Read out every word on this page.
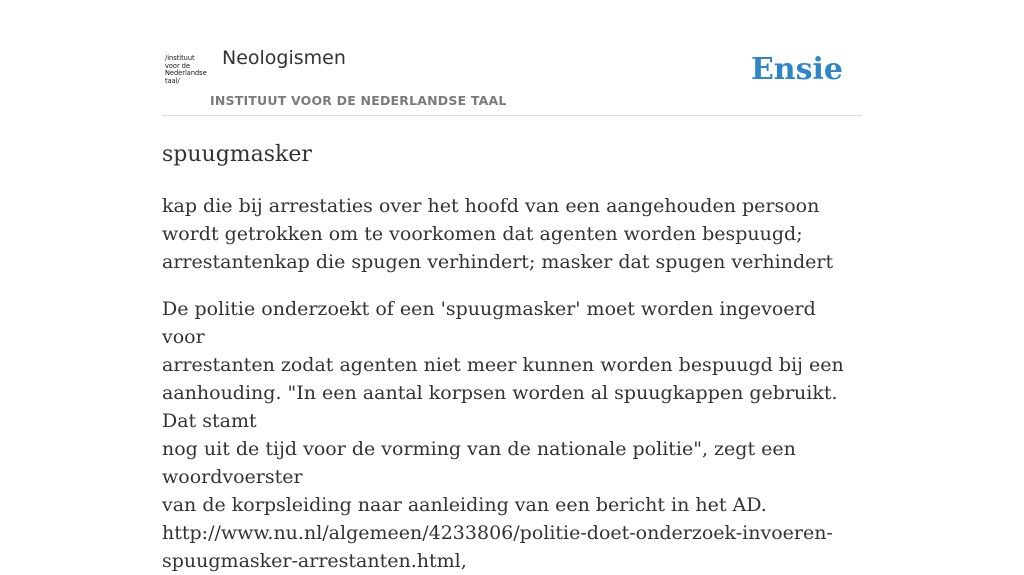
/instituut
voor de
Nederlandse
taal/
Neologismen
INSTITUUT VOOR DE NEDERLANDSE TAAL
Ensie
spuugmasker

kap die bij arrestaties over het hoofd van een aangehouden persoon wordt getrokken om te voorkomen dat agenten worden bespuugd; arrestantenkap die spugen verhindert; masker dat spugen verhindert

De politie onderzoekt of een 'spuugmasker' moet worden ingevoerd voor
arrestanten zodat agenten niet meer kunnen worden bespuugd bij een
aanhouding. "In een aantal korpsen worden al spuugkappen gebruikt. Dat stamt
nog uit de tijd voor de vorming van de nationale politie", zegt een woordvoerster
van de korpsleiding naar aanleiding van een bericht in het AD.
http://www.nu.nl/algemeen/4233806/politie-doet-onderzoek-invoeren-
spuugmasker-arrestanten.html,
